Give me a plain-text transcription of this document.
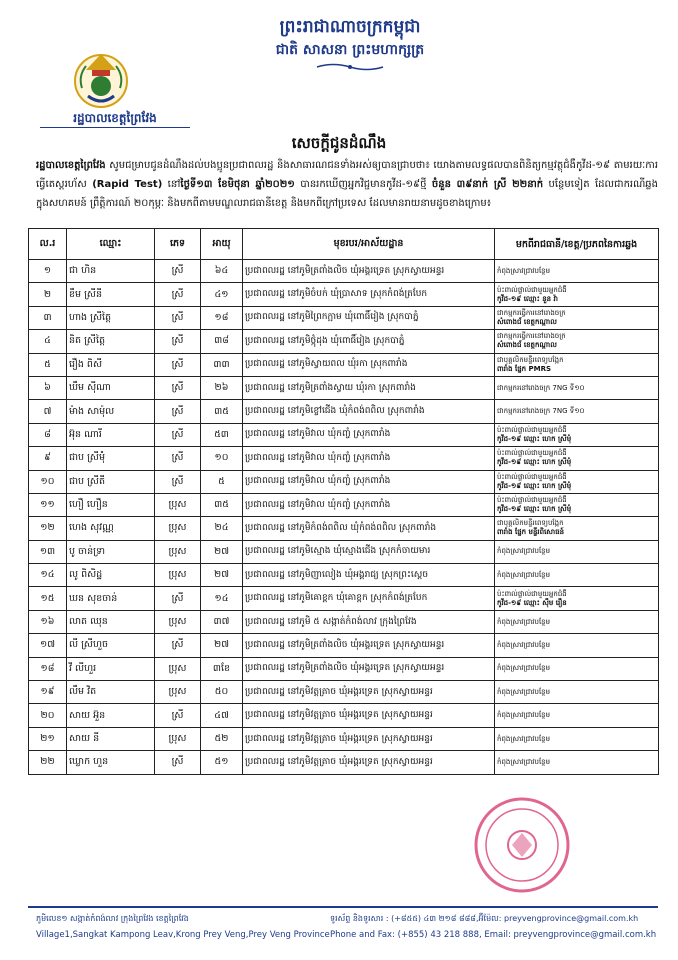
រដ្ឋបាលខេត្តព្រៃវែង
ព្រះរាជាណាចក្រកម្ពុជា
ជាតិ សាសនា ព្រះមហាក្សត្រ
សេចក្តីជូនដំណឹង
រដ្ឋបាលខេត្តព្រៃវែង សូមជម្រាបជូនដំណឹងដល់បងប្អូនប្រជាពលរដ្ឋ និងសាធារណជនទាំងអស់ឲ្យបានជ្រាបថា៖ យោងតាមលទ្ធផលបានពិនិត្យកម្មវត្ថុជំងឺកូវីដ-១៩ តាមរយៈការធ្វើតេស្តរហ័ស (Rapid Test) នៅថ្ងៃទី១៣ ខែមិថុនា ឆ្នាំ២០២១ បានរកឃើញអ្នកវិជ្ជមានកូវីដ-១៩ថ្មី ចំនួន ៣៩នាក់ ស្រី ២២នាក់ បន្ថែមទៀត ដែលជាករណីឆ្លងក្នុងសហគមន៍ ព្រឹត្តិការណ៍ ២០កុម្ភៈ និងមកពីតាមមណ្ឌលរាជធានីខេត្ត និងមកពីក្រៅប្រទេស ដែលមានរាយនាមដូចខាងក្រោម៖
ល.រ	ឈ្មោះ	ភេទ	អាយុ	មុខរបរ/អាស័យដ្ឋាន	មកពីរាជធានី/ខេត្ត/ប្រភពនៃការឆ្លង
១	ជា ហិន	ស្រី	៦៤	ប្រជាពលរដ្ឋ នៅភូមិត្រពាំងលិច ឃុំអង្គរទ្រេត ស្រុកស្វាយអន្ទរ	កំពុងស្រាវជ្រាវបន្ថែម

២	ខឹម ស្រីនី	ស្រី	៤១	ប្រជាពលរដ្ឋ នៅភូមិចំបក់ ឃុំប្រាសាទ ស្រុកកំពង់ត្របែក	ប៉ះពាល់ផ្ទាល់ជាមួយអ្នកជំងឺ
កូវីដ-១៩ ឈ្មោះ នួន វ៉ា

៣	ហាង ស្រីត្តៃ	ស្រី	១៨	ប្រជាពលរដ្ឋ នៅភូមិព្រៃកក្អាម ឃុំពោធិ៍រៀង ស្រុកបាភ្នំ	ជាកម្មករធ្វើការនៅរោងចក្រ
សំពោងជ័ ខេត្តកណ្តាល

៤	និត ស្រីត្តៃ	ស្រី	៣៨	ប្រជាពលរដ្ឋ នៅភូមិថ្កុំដុង ឃុំពោធិ៍រៀង ស្រុកបាភ្នំ	ជាកម្មករធ្វើការនៅរោងចក្រ
សំពោងជ័ ខេត្តកណ្តាល

៥	រឿង ពិសី	ស្រី	៣៣	ប្រជាពលរដ្ឋ នៅភូមិស្វាយពល ឃុំរកា ស្រុកពារាំង	ជាបុគ្គលិកមន្ទីរពេទ្យបង្អែក
ពារាំង ផ្នែក PMRS

៦	ឃឹម ស៊ីណា	ស្រី	២៦	ប្រជាពលរដ្ឋ នៅភូមិត្រពាំងស្វាយ ឃុំរកា ស្រុកពារាំង	ជាកម្មករនៅរោងចក្រ 7NG ទី១០

៧	ម៉ាង សាម៉ុល	ស្រី	៣៥	ប្រជាពលរដ្ឋ នៅភូមិខ្ចៅជើង ឃុំកំពង់ពពិល ស្រុកពារាំង	ជាកម្មករនៅរោងចក្រ 7NG ទី១០

៨	អ៊ុន ណារី	ស្រី	៥៣	ប្រជាពលរដ្ឋ នៅភូមិវាល ឃុំកញ្ចំ ស្រុកពារាំង	ប៉ះពាល់ផ្ទាល់ជាមួយអ្នកជំងឺ
កូវីដ-១៩ ឈ្មោះ ហេក ស្រីមុំ

៩	ជាប ស្រីម៉ុំ	ស្រី	១០	ប្រជាពលរដ្ឋ នៅភូមិវាល ឃុំកញ្ចំ ស្រុកពារាំង	ប៉ះពាល់ផ្ទាល់ជាមួយអ្នកជំងឺ
កូវីដ-១៩ ឈ្មោះ ហេក ស្រីមុំ

១០	ជាប ស្រីតី	ស្រី	៥	ប្រជាពលរដ្ឋ នៅភូមិវាល ឃុំកញ្ចំ ស្រុកពារាំង	ប៉ះពាល់ផ្ទាល់ជាមួយអ្នកជំងឺ
កូវីដ-១៩ ឈ្មោះ ហេក ស្រីមុំ

១១	ហឿ ហឿន	ប្រុស	៣៥	ប្រជាពលរដ្ឋ នៅភូមិវាល ឃុំកញ្ចំ ស្រុកពារាំង	ប៉ះពាល់ផ្ទាល់ជាមួយអ្នកជំងឺ
កូវីដ-១៩ ឈ្មោះ ហេក ស្រីមុំ

១២	ហេង សុវណ្ណ	ប្រុស	២៤	ប្រជាពលរដ្ឋ នៅភូមិកំពង់ពពិល ឃុំកំពង់ពពិល ស្រុកពារាំង	ជាបុគ្គលិកមន្ទីរពេទ្យបង្អែក
ពារាំង ផ្នែក មន្ទីរពិសោធន៍

១៣	បូ ចាន់ទ្រា	ប្រុស	២៧	ប្រជាពលរដ្ឋ នៅភូមិស្មោង ឃុំស្មោងជើង ស្រុកកំចាយមារ	កំពុងស្រាវជ្រាវបន្ថែម

១៤	លូ ពិសិដ្ឋ	ប្រុស	២៧	ប្រជាពលរដ្ឋ នៅភូមិញាលៀង ឃុំអង្គរាជ្យ ស្រុកព្រះស្តេច	កំពុងស្រាវជ្រាវបន្ថែម

១៥	ឃន សុខចាន់	ស្រី	១៤	ប្រជាពលរដ្ឋ នៅភូមិគោខ្ពក ឃុំគោខ្ពក ស្រុកកំពង់ត្របែក	ប៉ះពាល់ផ្ទាល់ជាមួយអ្នកជំងឺ
កូវីដ-១៩ ឈ្មោះ ស៊ឹម រឿន

១៦	លាត ឈុន	ប្រុស	៣៧	ប្រជាពលរដ្ឋ នៅភូមិ ៥ សង្កាត់កំពង់លាវ ក្រុងព្រៃវែង	កំពុងស្រាវជ្រាវបន្ថែម

១៧	លី ស្រីហួច	ស្រី	២៧	ប្រជាពលរដ្ឋ នៅភូមិត្រពាំងលិច ឃុំអង្គរទ្រេត ស្រុកស្វាយអន្ទរ	កំពុងស្រាវជ្រាវបន្ថែម

១៨	វី លីហួរ	ប្រុស	៣ខែ	ប្រជាពលរដ្ឋ នៅភូមិត្រពាំងលិច ឃុំអង្គរទ្រេត ស្រុកស្វាយអន្ទរ	កំពុងស្រាវជ្រាវបន្ថែម

១៩	លឹម វិត	ប្រុស	៥០	ប្រជាពលរដ្ឋ នៅភូមិវត្តត្រាច ឃុំអង្គរទ្រេត ស្រុកស្វាយអន្ទរ	កំពុងស្រាវជ្រាវបន្ថែម

២០	សាយ អ៊ួន	ស្រី	៤៧	ប្រជាពលរដ្ឋ នៅភូមិវត្តត្រាច ឃុំអង្គរទ្រេត ស្រុកស្វាយអន្ទរ	កំពុងស្រាវជ្រាវបន្ថែម

២១	សាយ នី	ប្រុស	៥២	ប្រជាពលរដ្ឋ នៅភូមិវត្តត្រាច ឃុំអង្គរទ្រេត ស្រុកស្វាយអន្ទរ	កំពុងស្រាវជ្រាវបន្ថែម

២២	ឃ្លោក ហួន	ស្រី	៥១	ប្រជាពលរដ្ឋ នៅភូមិវត្តត្រាច ឃុំអង្គរទ្រេត ស្រុកស្វាយអន្ទរ	កំពុងស្រាវជ្រាវបន្ថែម
ភូមិលេខ១ សង្កាត់កំពង់លាវ ក្រុងព្រៃវែង ខេត្តព្រៃវែង
Village1,Sangkat Kampong Leav,Krong Prey Veng,Prey Veng Province
ទូរស័ព្ទ និងទូរសារ : (+៨៥៥) ៤៣ ២១៨ ៨៨៨,អ៊ីម៉ែល: preyvengprovince@gmail.com.kh
Phone and Fax: (+855) 43 218 888, Email: preyvengprovince@gmail.com.kh
